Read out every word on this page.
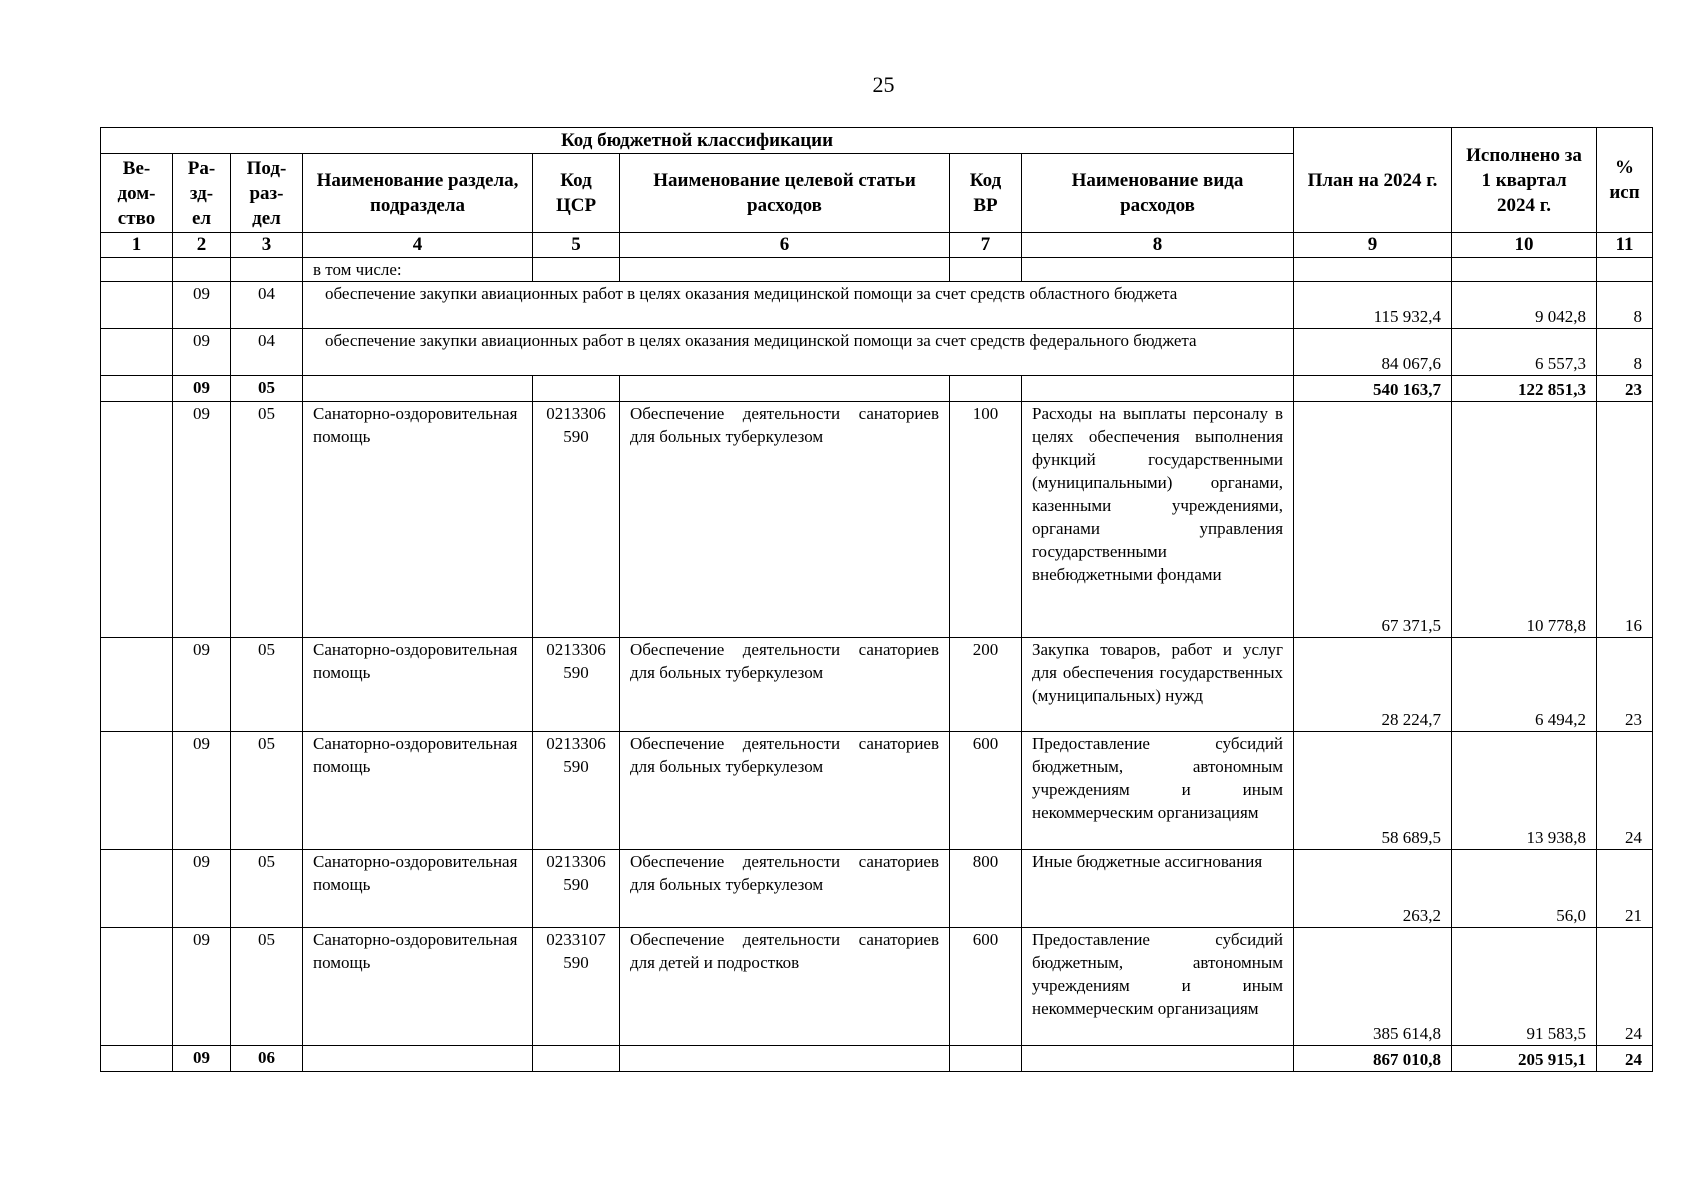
25
Код бюджетной классификации								План на 2024 г.	Исполнено за 1 квартал 2024 г.	% исп
Ве-дом-ство	Ра-зд-ел	Под-раз-дел	Наименование раздела, подраздела	Код ЦСР	Наименование целевой статьи расходов	Код ВР	Наименование вида расходов			
1	2	3	4	5	6	7	8	9	10	11
			в том числе:							
	09	04	обеспечение закупки авиационных работ в целях оказания медицинской помощи за счет средств областного бюджета					115 932,4	9 042,8	8
	09	04	обеспечение закупки авиационных работ в целях оказания медицинской помощи за счет средств федерального бюджета					84 067,6	6 557,3	8
	09	05						540 163,7	122 851,3	23
	09	05	Санаторно-оздоровительная помощь	0213306590	Обеспечение деятельности санаториев для больных туберкулезом	100	Расходы на выплаты персоналу в целях обеспечения выполнения функций государственными (муниципальными) органами, казенными учреждениями, органами управления государственными внебюджетными фондами	67 371,5	10 778,8	16
	09	05	Санаторно-оздоровительная помощь	0213306590	Обеспечение деятельности санаториев для больных туберкулезом	200	Закупка товаров, работ и услуг для обеспечения государственных (муниципальных) нужд	28 224,7	6 494,2	23
	09	05	Санаторно-оздоровительная помощь	0213306590	Обеспечение деятельности санаториев для больных туберкулезом	600	Предоставление субсидий бюджетным, автономным учреждениям и иным некоммерческим организациям	58 689,5	13 938,8	24
	09	05	Санаторно-оздоровительная помощь	0213306590	Обеспечение деятельности санаториев для больных туберкулезом	800	Иные бюджетные ассигнования	263,2	56,0	21
	09	05	Санаторно-оздоровительная помощь	0233107590	Обеспечение деятельности санаториев для детей и подростков	600	Предоставление субсидий бюджетным, автономным учреждениям и иным некоммерческим организациям	385 614,8	91 583,5	24
	09	06						867 010,8	205 915,1	24
